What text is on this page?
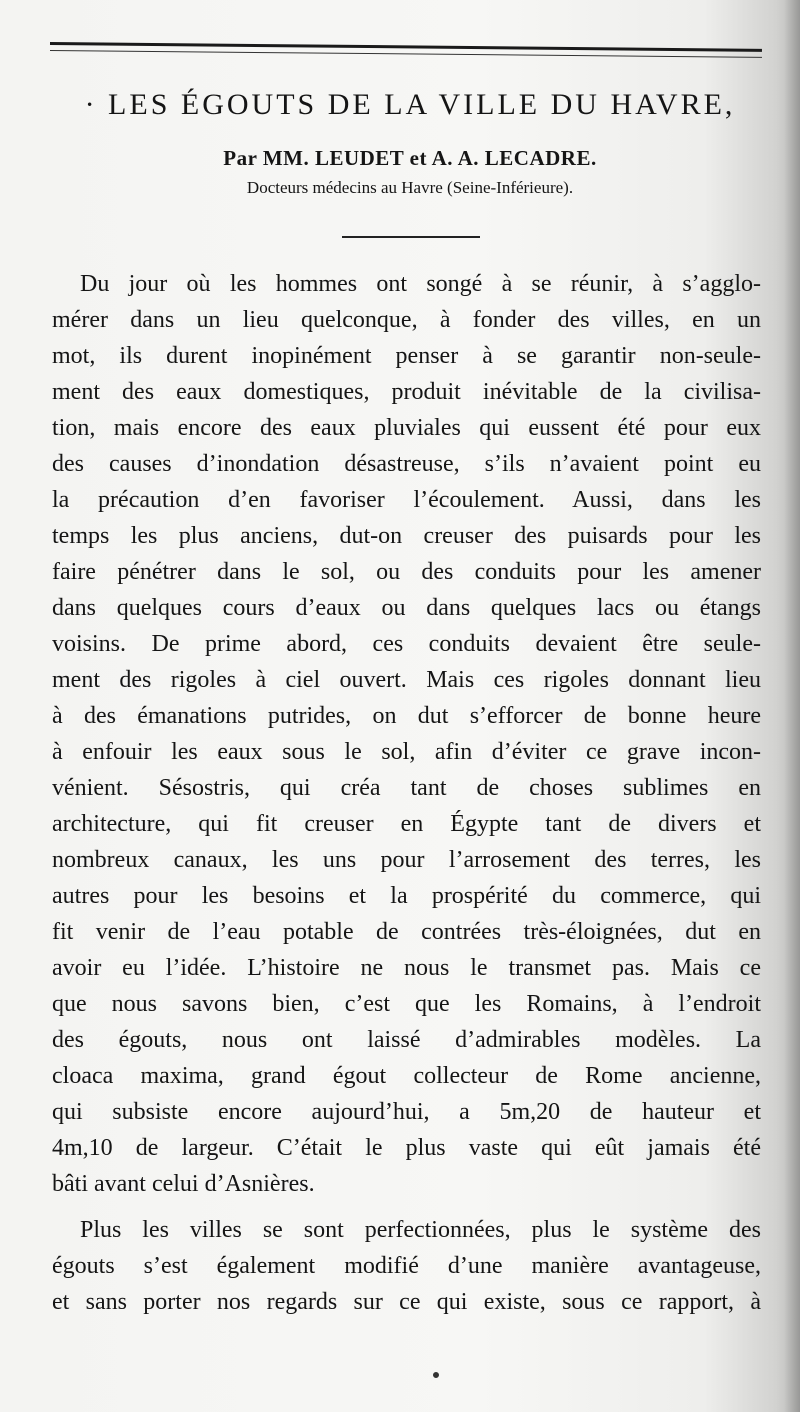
· LES ÉGOUTS DE LA VILLE DU HAVRE,
Par MM. LEUDET et A. A. LECADRE.
Docteurs médecins au Havre (Seine-Inférieure).
Du jour où les hommes ont songé à se réunir, à s’agglo-
mérer dans un lieu quelconque, à fonder des villes, en un
mot, ils durent inopinément penser à se garantir non-seule-
ment des eaux domestiques, produit inévitable de la civilisa-
tion, mais encore des eaux pluviales qui eussent été pour eux
des causes d’inondation désastreuse, s’ils n’avaient point eu
la précaution d’en favoriser l’écoulement. Aussi, dans les
temps les plus anciens, dut-on creuser des puisards pour les
faire pénétrer dans le sol, ou des conduits pour les amener
dans quelques cours d’eaux ou dans quelques lacs ou étangs
voisins. De prime abord, ces conduits devaient être seule-
ment des rigoles à ciel ouvert. Mais ces rigoles donnant lieu
à des émanations putrides, on dut s’efforcer de bonne heure
à enfouir les eaux sous le sol, afin d’éviter ce grave incon-
vénient. Sésostris, qui créa tant de choses sublimes en
architecture, qui fit creuser en Égypte tant de divers et
nombreux canaux, les uns pour l’arrosement des terres, les
autres pour les besoins et la prospérité du commerce, qui
fit venir de l’eau potable de contrées très-éloignées, dut en
avoir eu l’idée. L’histoire ne nous le transmet pas. Mais ce
que nous savons bien, c’est que les Romains, à l’endroit
des égouts, nous ont laissé d’admirables modèles. La
cloaca maxima, grand égout collecteur de Rome ancienne,
qui subsiste encore aujourd’hui, a 5m,20 de hauteur et
4m,10 de largeur. C’était le plus vaste qui eût jamais été
bâti avant celui d’Asnières.
Plus les villes se sont perfectionnées, plus le système des
égouts s’est également modifié d’une manière avantageuse,
et sans porter nos regards sur ce qui existe, sous ce rapport, à
